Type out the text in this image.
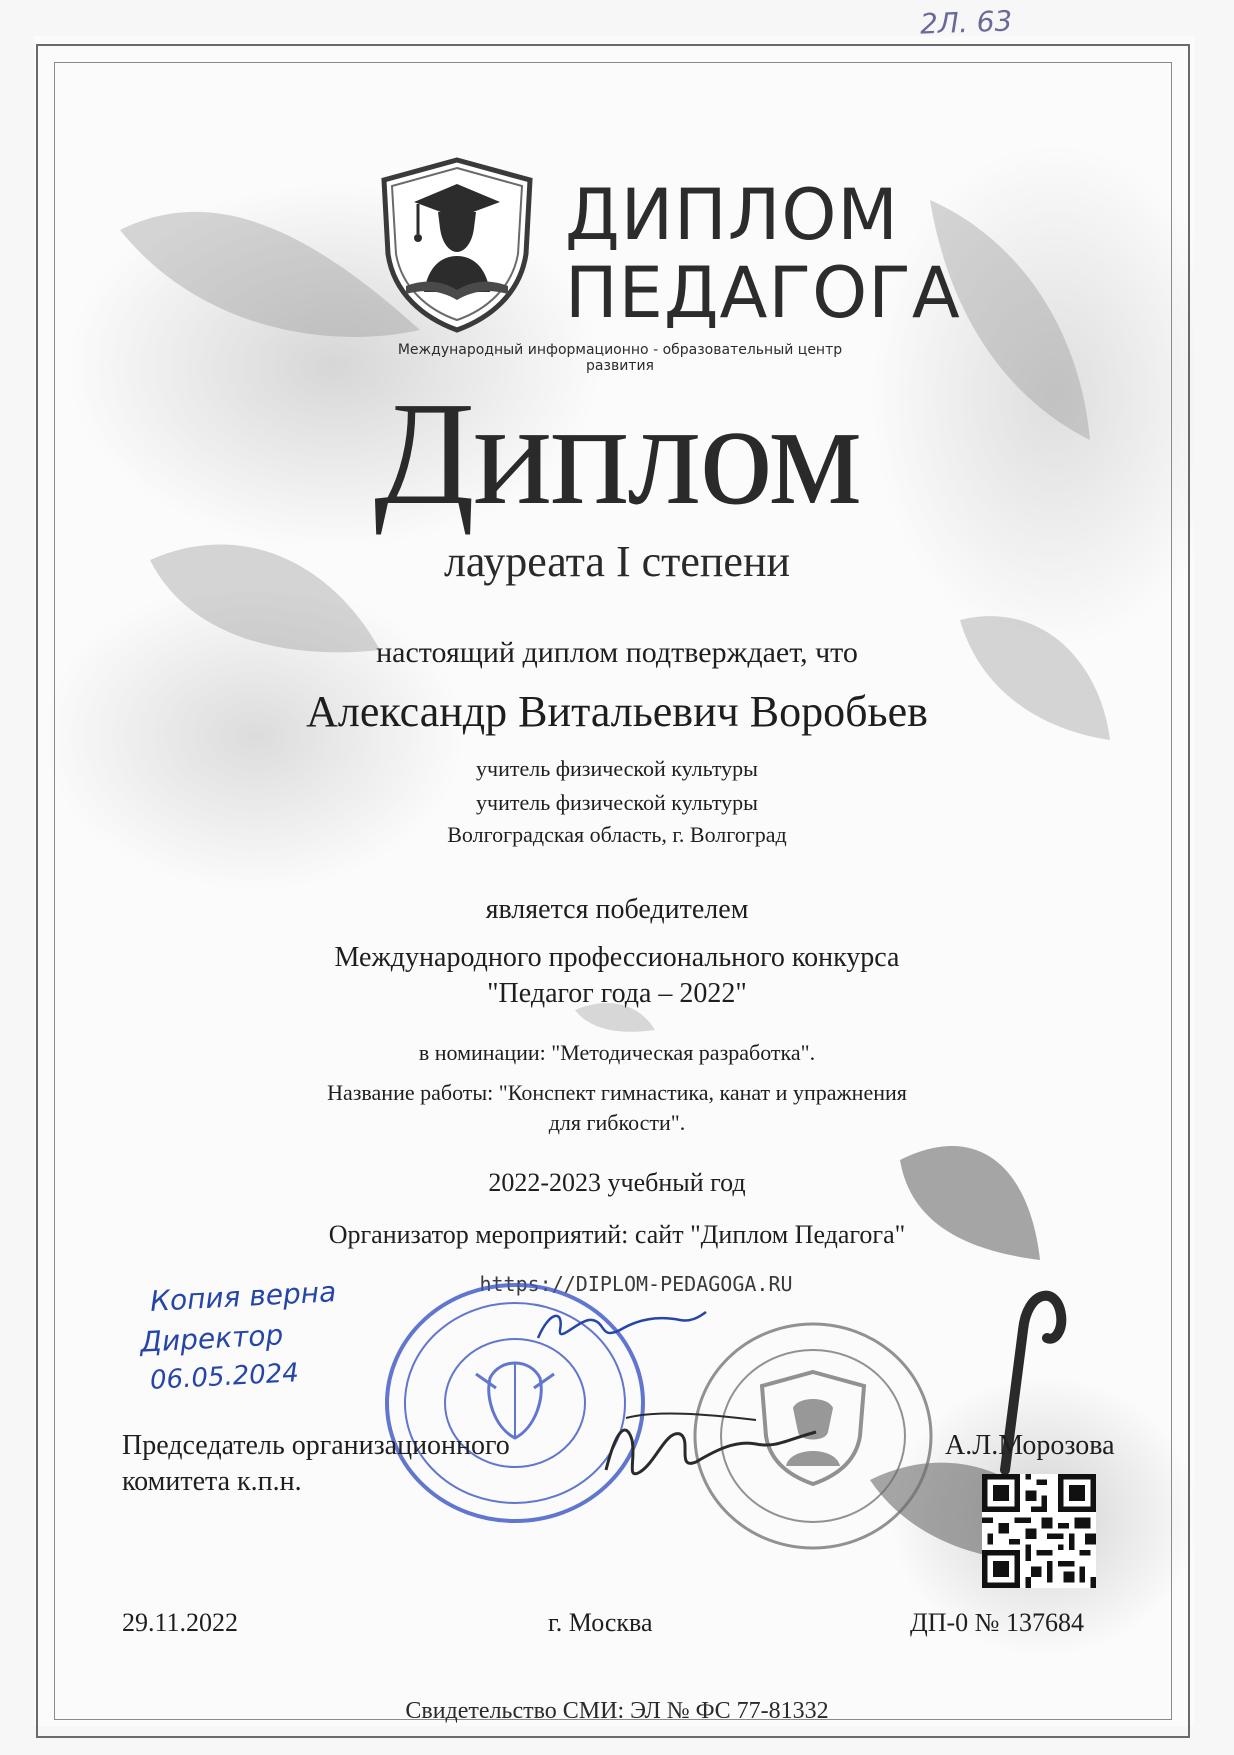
2Л. 63
ДИПЛОМ
ПЕДАГОГА
Международный информационно - образовательный центр развития
Диплом
лауреата I степени
настоящий диплом подтверждает, что
Александр Витальевич Воробьев
учитель физической культуры
учитель физической культуры
Волгоградская область, г. Волгоград
является победителем
Международного профессионального конкурса
"Педагог года – 2022"
в номинации: "Методическая разработка".
Название работы: "Конспект гимнастика, канат и упражнения
для гибкости".
2022-2023 учебный год
Организатор мероприятий: сайт "Диплом Педагога"
https://DIPLOM-PEDAGOGA.RU
Копия верна
Директор
06.05.2024
Председатель организационного
комитета к.п.н.
А.Л.Морозова
29.11.2022	г. Москва	ДП-0 № 137684
Свидетельство СМИ: ЭЛ № ФС 77-81332
